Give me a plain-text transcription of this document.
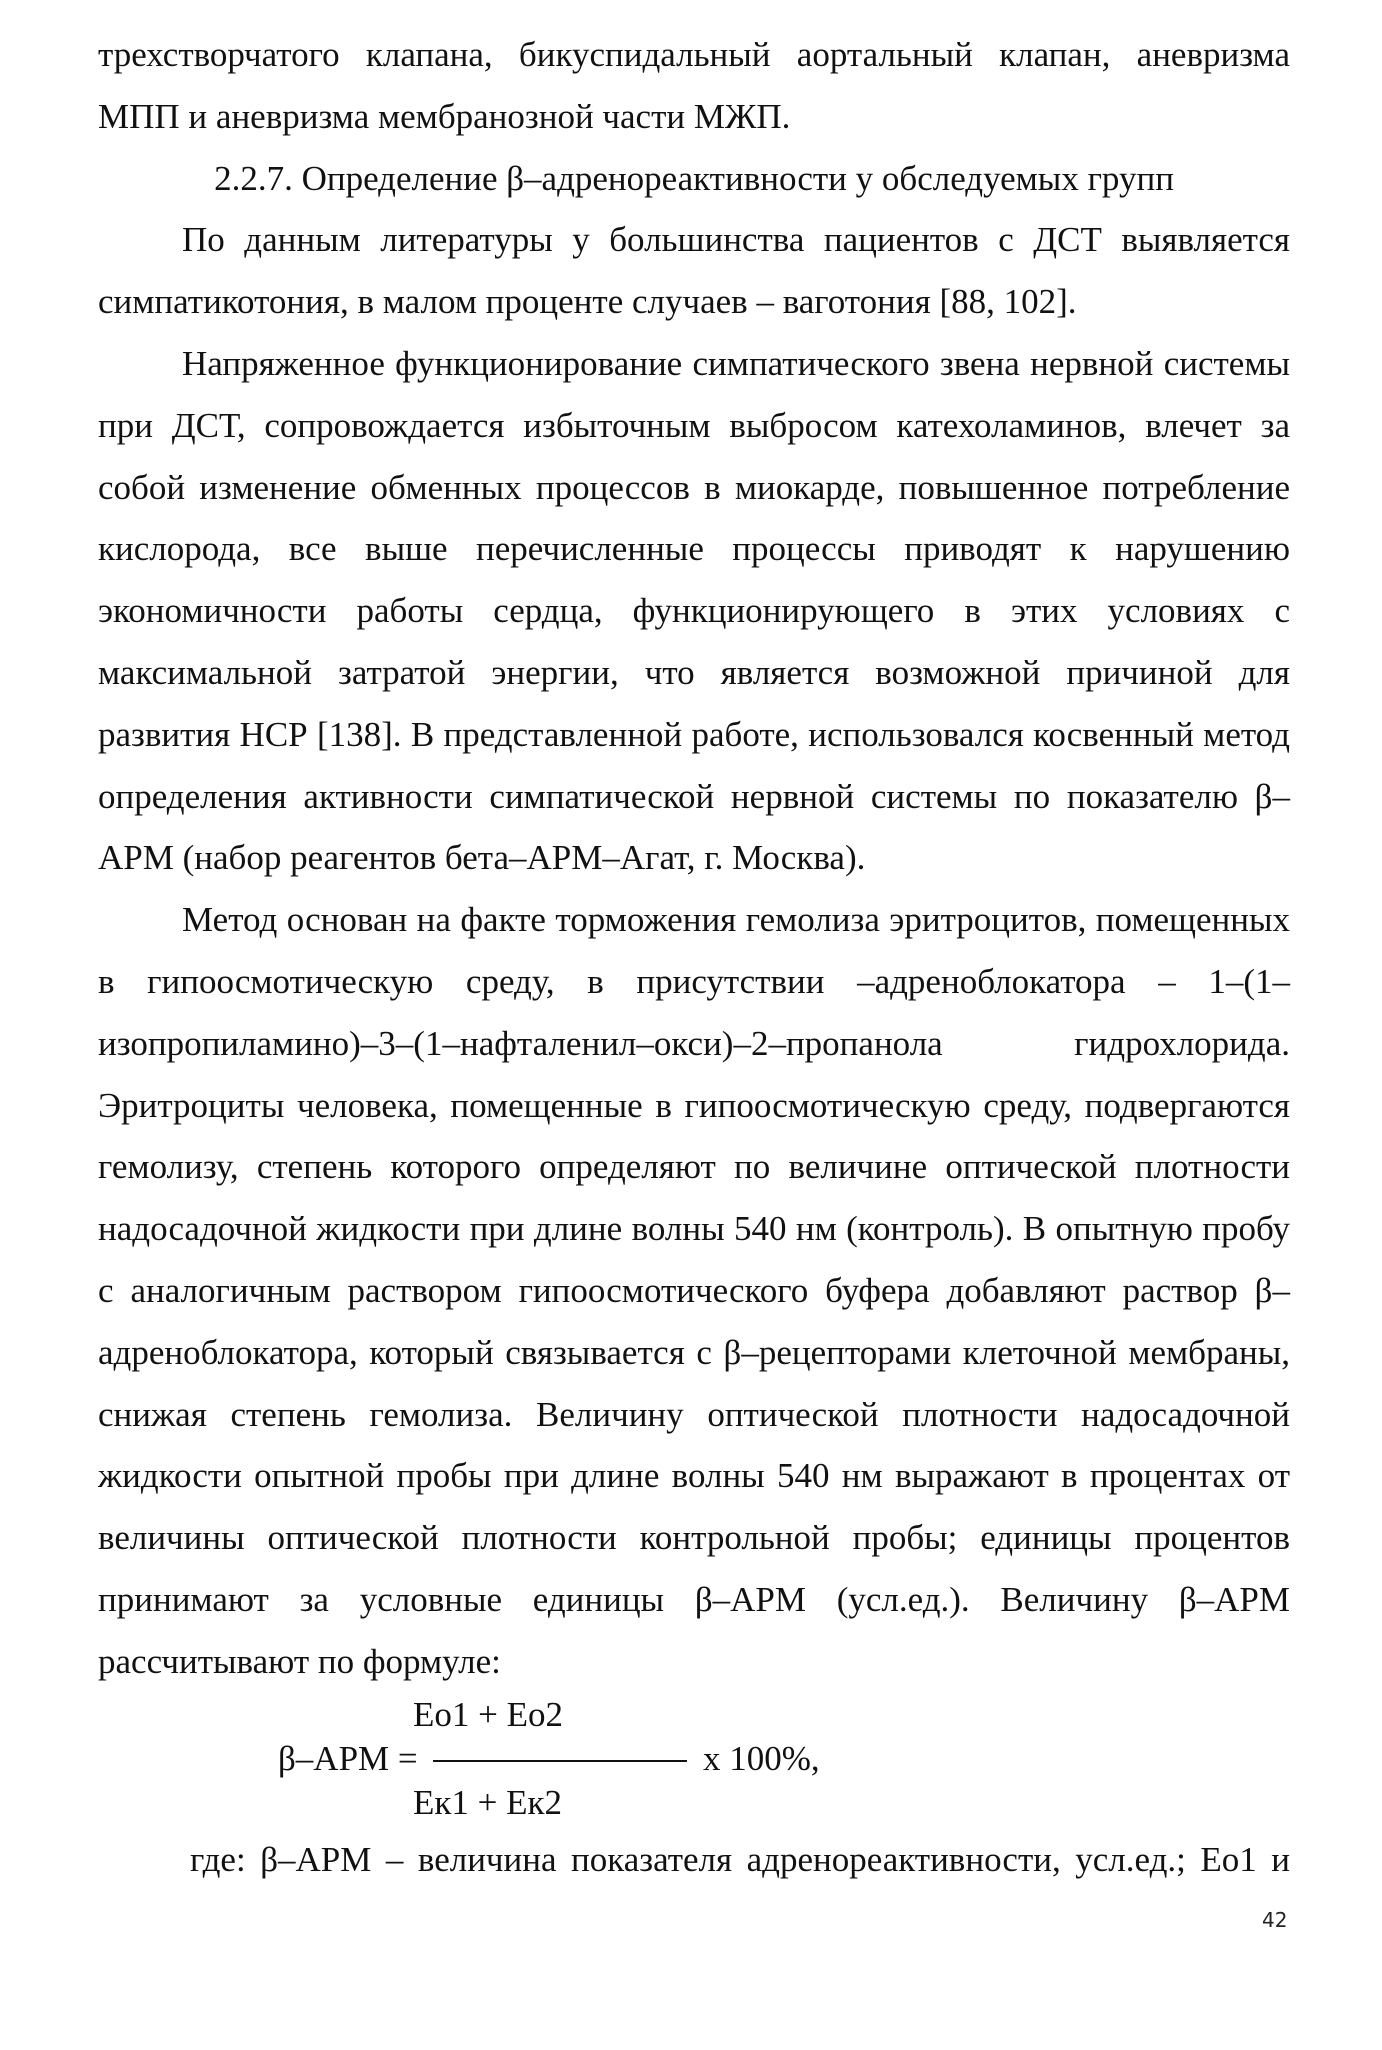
трехстворчатого клапана, бикуспидальный аортальный клапан, аневризма МПП и аневризма мембранозной части МЖП.

2.2.7. Определение β–адренореактивности у обследуемых групп

По данным литературы у большинства пациентов с ДСТ выявляется симпатикотония, в малом проценте случаев – ваготония [88, 102].

Напряженное функционирование симпатического звена нервной системы при ДСТ, сопровождается избыточным выбросом катехоламинов, влечет за собой изменение обменных процессов в миокарде, повышенное потребление кислорода, все выше перечисленные процессы приводят к нарушению экономичности работы сердца, функционирующего в этих условиях с максимальной затратой энергии, что является возможной причиной для развития НСР [138]. В представленной работе, использовался косвенный метод определения активности симпатической нервной системы по показателю β–АРМ (набор реагентов бета–АРМ–Агат, г. Москва).

Метод основан на факте торможения гемолиза эритроцитов, помещенных в гипоосмотическую среду, в присутствии –адреноблокатора – 1–(1–изопропиламино)–3–(1–нафталенил–окси)–2–пропанола гидрохлорида. Эритроциты человека, помещенные в гипоосмотическую среду, подвергаются гемолизу, степень которого определяют по величине оптической плотности надосадочной жидкости при длине волны 540 нм (контроль). В опытную пробу с аналогичным раствором гипоосмотического буфера добавляют раствор β–адреноблокатора, который связывается с β–рецепторами клеточной мембраны, снижая степень гемолиза. Величину оптической плотности надосадочной жидкости опытной пробы при длине волны 540 нм выражают в процентах от величины оптической плотности контрольной пробы; единицы процентов принимают за условные единицы β–АРМ (усл.ед.). Величину β–АРМ рассчитывают по формуле:

Ео1 + Ео2
β–АРМ =	х 100%,
Ек1 + Ек2

где: β–АРМ – величина показателя адренореактивности, усл.ед.; Ео1 и

42
